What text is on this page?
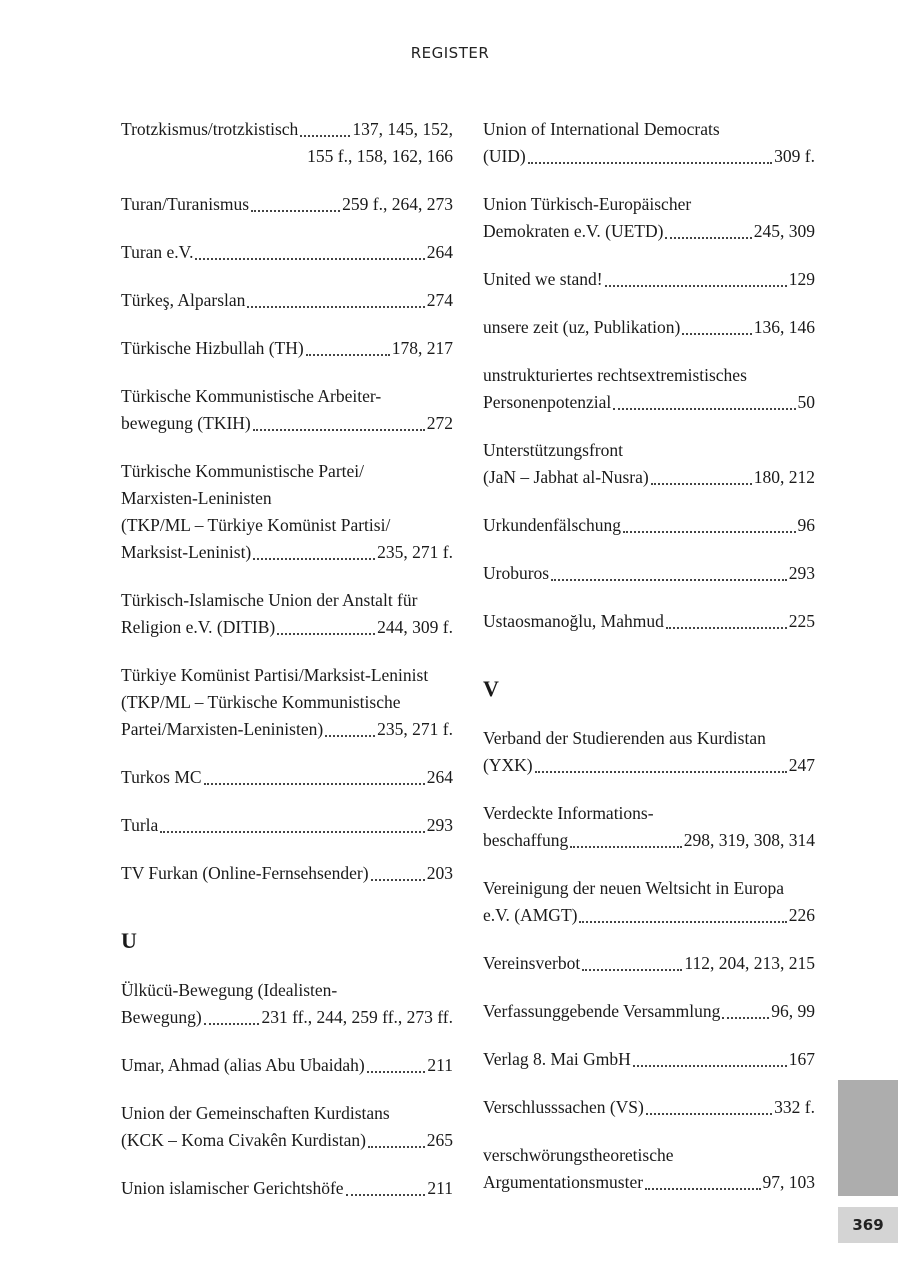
REGISTER
Trotzkismus/trotzkistisch	137, 145, 152,
155 f., 158, 162, 166
Turan/Turanismus	259 f., 264, 273
Turan e.V.	264
Türkeş, Alparslan	274
Türkische Hizbullah (TH)	178, 217
Türkische Kommunistische Arbeiter-
bewegung (TKIH)	272
Türkische Kommunistische Partei/
Marxisten-Leninisten
(TKP/ML – Türkiye Komünist Partisi/
Marksist-Leninist)	235, 271 f.
Türkisch-Islamische Union der Anstalt für
Religion e.V. (DITIB)	244, 309 f.
Türkiye Komünist Partisi/Marksist-Leninist
(TKP/ML – Türkische Kommunistische
Partei/Marxisten-Leninisten)	235, 271 f.
Turkos MC	264
Turla	293
TV Furkan (Online-Fernsehsender)	203
U
Ülkücü-Bewegung (Idealisten-
Bewegung)	231 ff., 244, 259 ff., 273 ff.
Umar, Ahmad (alias Abu Ubaidah)	211
Union der Gemeinschaften Kurdistans
(KCK – Koma Civakên Kurdistan)	265
Union islamischer Gerichtshöfe	211
Union of International Democrats
(UID)	309 f.
Union Türkisch-Europäischer
Demokraten e.V. (UETD)	245, 309
United we stand!	129
unsere zeit (uz, Publikation)	136, 146
unstrukturiertes rechtsextremistisches
Personenpotenzial	50
Unterstützungsfront
(JaN – Jabhat al-Nusra)	180, 212
Urkundenfälschung	96
Uroburos	293
Ustaosmanoğlu, Mahmud	225
V
Verband der Studierenden aus Kurdistan
(YXK)	247
Verdeckte Informations-
beschaffung	298, 319, 308, 314
Vereinigung der neuen Weltsicht in Europa
e.V. (AMGT)	226
Vereinsverbot	112, 204, 213, 215
Verfassunggebende Versammlung	96, 99
Verlag 8. Mai GmbH	167
Verschlusssachen (VS)	332 f.
verschwörungstheoretische
Argumentationsmuster	97, 103
369
